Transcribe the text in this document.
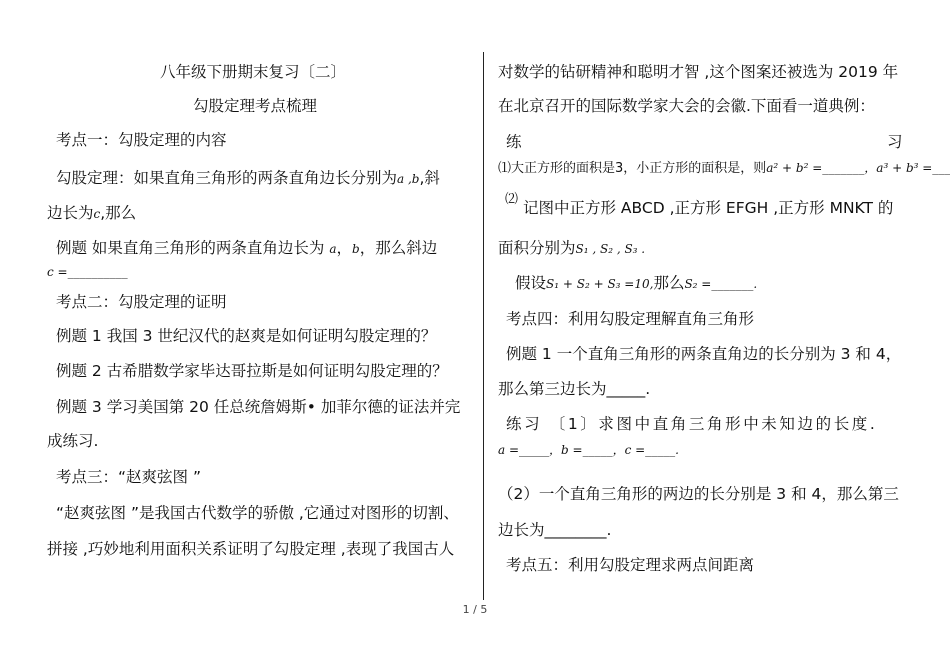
八年级下册期末复习〔二〕
勾股定理考点梳理
考点一：勾股定理的内容
勾股定理：如果直角三角形的两条直角边长分别为a ,b,斜
边长为c,那么
例题 如果直角三角形的两条直角边长为 a，b，那么斜边
c =__________
考点二：勾股定理的证明
例题 1 我国 3 世纪汉代的赵爽是如何证明勾股定理的？
例题 2 古希腊数学家毕达哥拉斯是如何证明勾股定理的？
例题 3 学习美国第 20 任总统詹姆斯• 加菲尔德的证法并完
成练习.
考点三：“赵爽弦图 ”
“赵爽弦图 ”是我国古代数学的骄傲 ,它通过对图形的切割、
拼接 ,巧妙地利用面积关系证明了勾股定理 ,表现了我国古人
对数学的钻研精神和聪明才智 ,这个图案还被选为 2019 年
在北京召开的国际数学家大会的会徽.下面看一道典例：
练	习
⑴大正方形的面积是3，小正方形的面积是，则a² + b² =_______，a³ + b³ =___
⑵ 记图中正方形 ABCD ,正方形 EFGH ,正方形 MNKT 的
面积分别为S₁ , S₂ , S₃ .
假设S₁ + S₂ + S₃ =10,那么S₂ =_______.
考点四：利用勾股定理解直角三角形
例题 1 一个直角三角形的两条直角边的长分别为 3 和 4，
那么第三边长为_____.
练习 〔1〕求图中直角三角形中未知边的长度.
a =_____，b =_____，c =_____.
（2）一个直角三角形的两边的长分别是 3 和 4，那么第三
边长为________.
考点五：利用勾股定理求两点间距离
1 / 5
